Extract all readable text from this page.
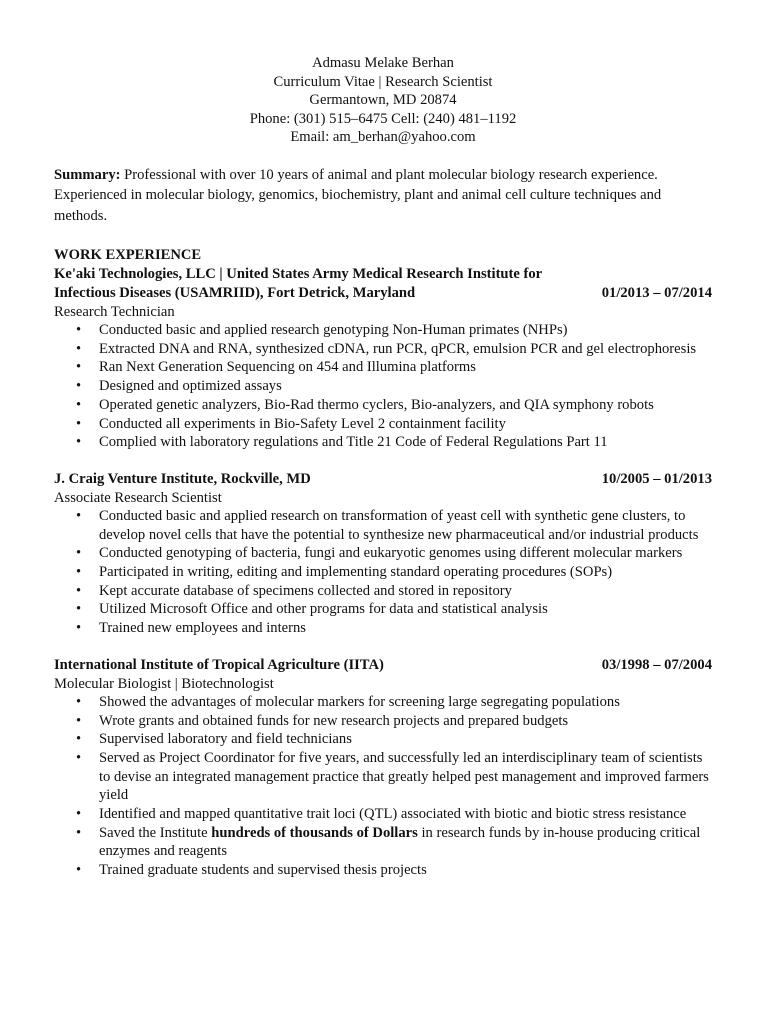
Admasu Melake Berhan
Curriculum Vitae | Research Scientist
Germantown, MD 20874
Phone: (301) 515–6475 Cell: (240) 481–1192
Email: am_berhan@yahoo.com
Summary: Professional with over 10 years of animal and plant molecular biology research experience. Experienced in molecular biology, genomics, biochemistry, plant and animal cell culture techniques and methods.
WORK EXPERIENCE
Ke'aki Technologies, LLC | United States Army Medical Research Institute for Infectious Diseases (USAMRIID), Fort Detrick, Maryland	01/2013 – 07/2014
Research Technician
• Conducted basic and applied research genotyping Non-Human primates (NHPs)
• Extracted DNA and RNA, synthesized cDNA, run PCR, qPCR, emulsion PCR and gel electrophoresis
• Ran Next Generation Sequencing on 454 and Illumina platforms
• Designed and optimized assays
• Operated genetic analyzers, Bio-Rad thermo cyclers, Bio-analyzers, and QIA symphony robots
• Conducted all experiments in Bio-Safety Level 2 containment facility
• Complied with laboratory regulations and Title 21 Code of Federal Regulations Part 11
J. Craig Venture Institute, Rockville, MD	10/2005 – 01/2013
Associate Research Scientist
• Conducted basic and applied research on transformation of yeast cell with synthetic gene clusters, to develop novel cells that have the potential to synthesize new pharmaceutical and/or industrial products
• Conducted genotyping of bacteria, fungi and eukaryotic genomes using different molecular markers
• Participated in writing, editing and implementing standard operating procedures (SOPs)
• Kept accurate database of specimens collected and stored in repository
• Utilized Microsoft Office and other programs for data and statistical analysis
• Trained new employees and interns
International Institute of Tropical Agriculture (IITA)	03/1998 – 07/2004
Molecular Biologist | Biotechnologist
• Showed the advantages of molecular markers for screening large segregating populations
• Wrote grants and obtained funds for new research projects and prepared budgets
• Supervised laboratory and field technicians
• Served as Project Coordinator for five years, and successfully led an interdisciplinary team of scientists to devise an integrated management practice that greatly helped pest management and improved farmers yield
• Identified and mapped quantitative trait loci (QTL) associated with biotic and biotic stress resistance
• Saved the Institute hundreds of thousands of Dollars in research funds by in-house producing critical enzymes and reagents
• Trained graduate students and supervised thesis projects
